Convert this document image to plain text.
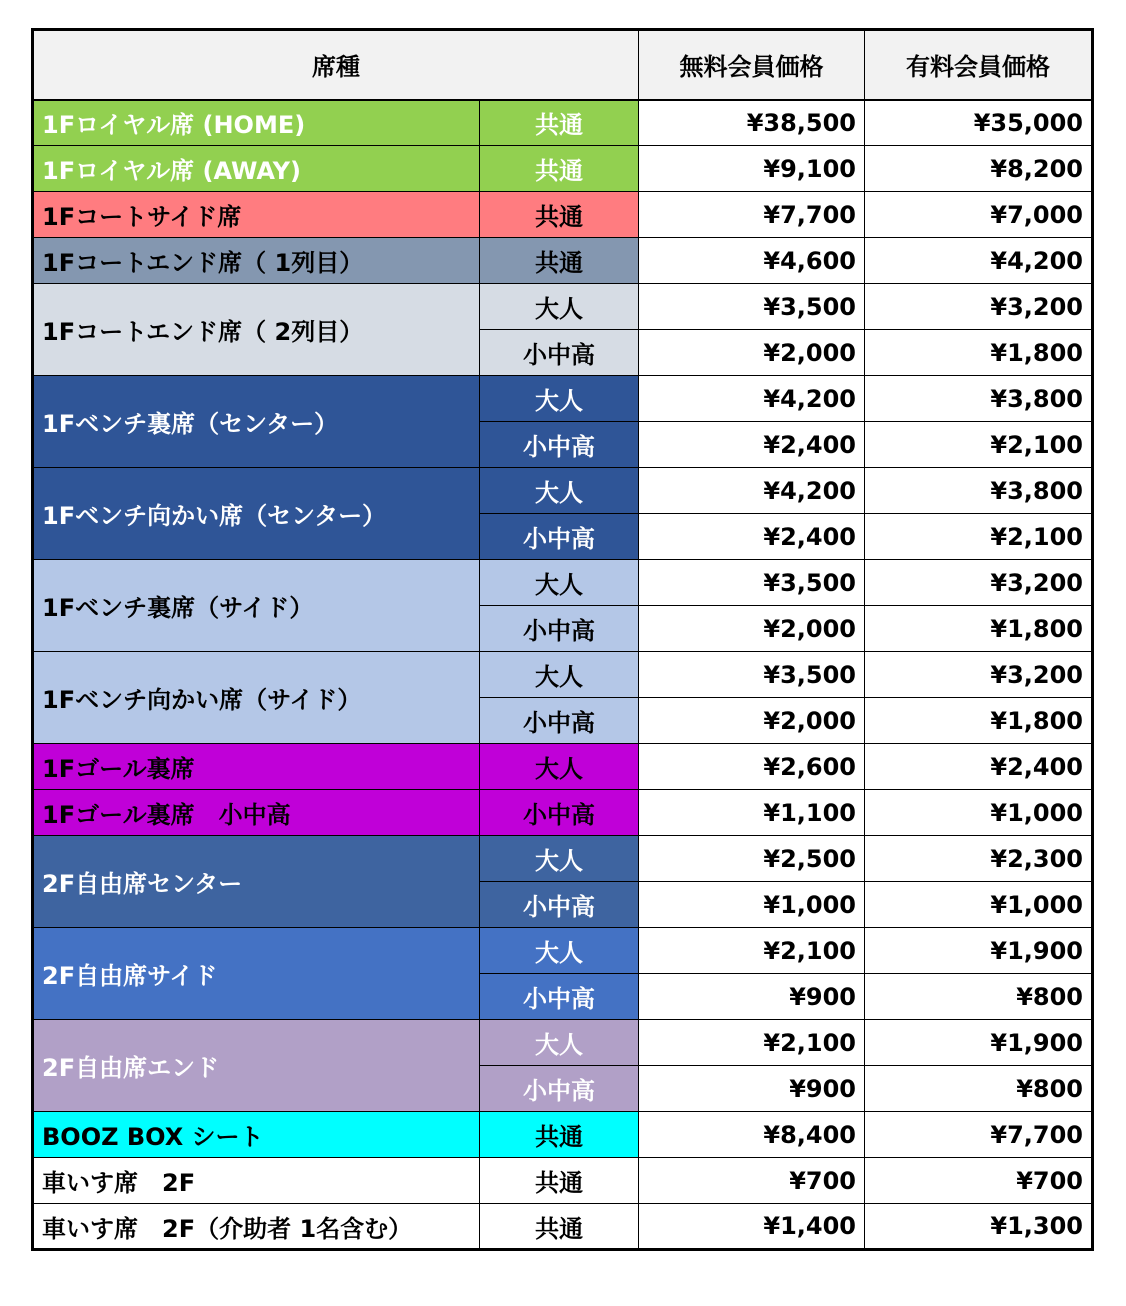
席種		無料会員価格	有料会員価格
1Fロイヤル席 (HOME)	共通	¥38,500	¥35,000
1Fロイヤル席 (AWAY)	共通	¥9,100	¥8,200
1Fコートサイド席	共通	¥7,700	¥7,000
1Fコートエンド席（ 1列目）	共通	¥4,600	¥4,200
1Fコートエンド席（ 2列目）	大人	¥3,500	¥3,200
	小中高	¥2,000	¥1,800
1Fベンチ裏席（センター）	大人	¥4,200	¥3,800
	小中高	¥2,400	¥2,100
1Fベンチ向かい席（センター）	大人	¥4,200	¥3,800
	小中高	¥2,400	¥2,100
1Fベンチ裏席（サイド）	大人	¥3,500	¥3,200
	小中高	¥2,000	¥1,800
1Fベンチ向かい席（サイド）	大人	¥3,500	¥3,200
	小中高	¥2,000	¥1,800
1Fゴール裏席	大人	¥2,600	¥2,400
1Fゴール裏席　小中高	小中高	¥1,100	¥1,000
2F自由席センター	大人	¥2,500	¥2,300
	小中高	¥1,000	¥1,000
2F自由席サイド	大人	¥2,100	¥1,900
	小中高	¥900	¥800
2F自由席エンド	大人	¥2,100	¥1,900
	小中高	¥900	¥800
BOOZ BOX シート	共通	¥8,400	¥7,700
車いす席　2F	共通	¥700	¥700
車いす席　2F（介助者 1名含む）	共通	¥1,400	¥1,300
